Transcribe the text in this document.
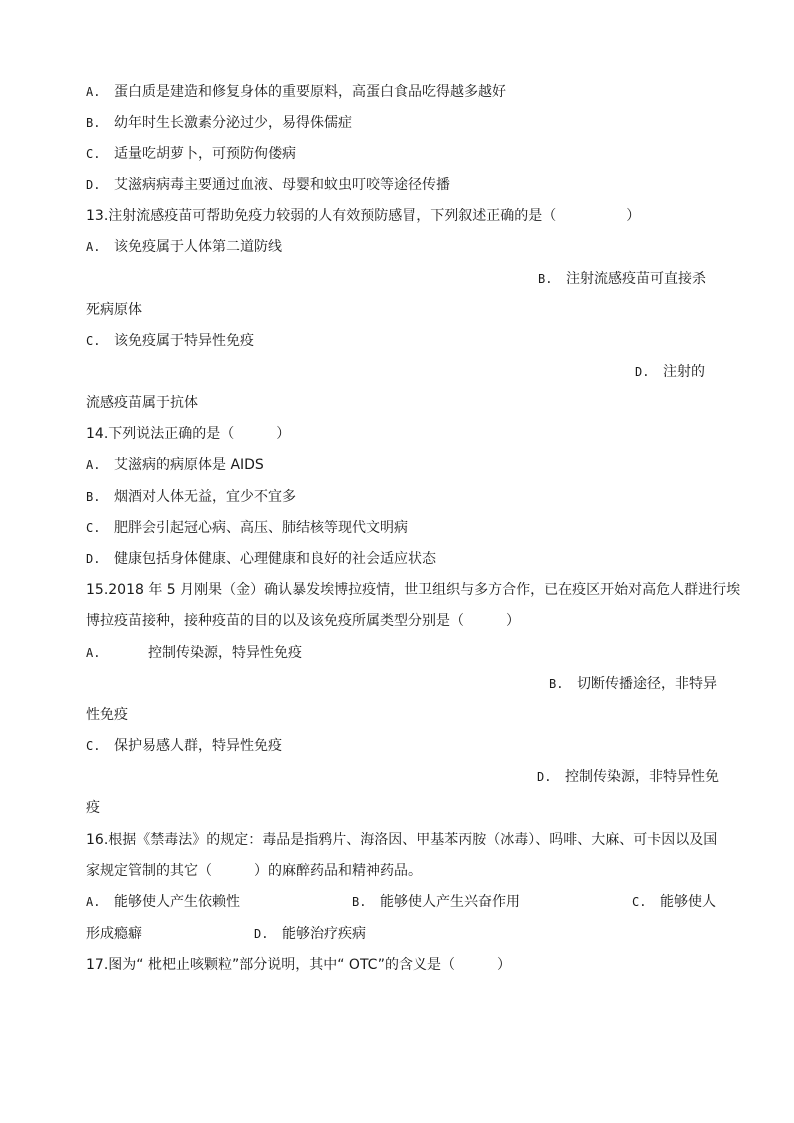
A. 蛋白质是建造和修复身体的重要原料，高蛋白食品吃得越多越好
B. 幼年时生长激素分泌过少，易得侏儒症
C. 适量吃胡萝卜，可预防佝偻病
D. 艾滋病病毒主要通过血液、母婴和蚊虫叮咬等途径传播
13.注射流感疫苗可帮助免疫力较弱的人有效预防感冒，下列叙述正确的是（　　　　　）
A. 该免疫属于人体第二道防线
B. 注射流感疫苗可直接杀
死病原体
C. 该免疫属于特异性免疫
D. 注射的
流感疫苗属于抗体
14.下列说法正确的是（　　　）
A. 艾滋病的病原体是 AIDS
B. 烟酒对人体无益，宜少不宜多
C. 肥胖会引起冠心病、高压、肺结核等现代文明病
D. 健康包括身体健康、心理健康和良好的社会适应状态
15.2018 年 5 月刚果（金）确认暴发埃博拉疫情，世卫组织与多方合作，已在疫区开始对高危人群进行埃
博拉疫苗接种，接种疫苗的目的以及该免疫所属类型分别是（　　　）
A.	控制传染源，特异性免疫
B. 切断传播途径，非特异
性免疫
C. 保护易感人群，特异性免疫
D. 控制传染源，非特异性免
疫
16.根据《禁毒法》的规定：毒品是指鸦片、海洛因、甲基苯丙胺（冰毒）、吗啡、大麻、可卡因以及国
家规定管制的其它（　　　）的麻醉药品和精神药品。
A. 能够使人产生依赖性	B. 能够使人产生兴奋作用	C. 能够使人
形成瘾癖	D. 能够治疗疾病
17.图为“ 枇杷止咳颗粒”部分说明，其中“ OTC”的含义是（　　　）
